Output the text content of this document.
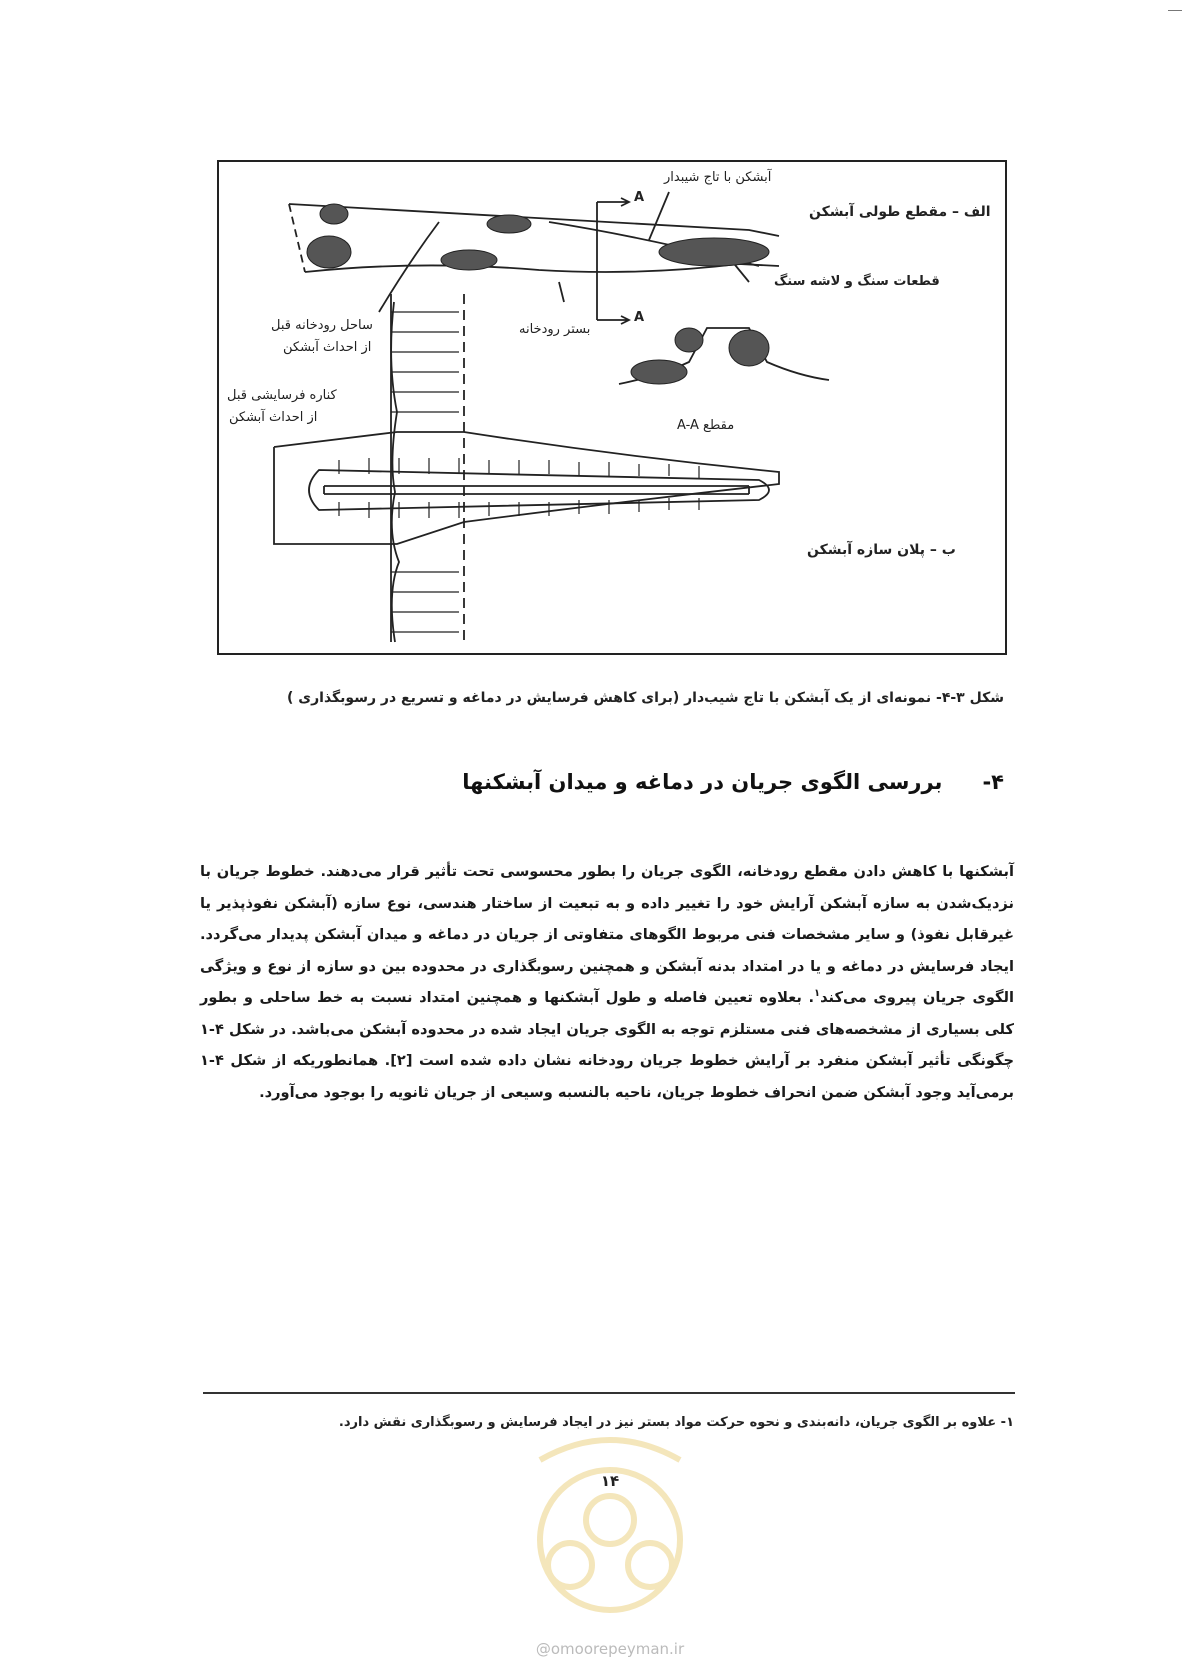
آبشکن با تاج شیبدار
A
الف – مقطع طولی آبشکن
قطعات سنگ و لاشه سنگ
A
بستر رودخانه
ساحل رودخانه قبل
از احداث آبشکن
کناره فرسایشی قبل
از احداث آبشکن
مقطع A-A
ب – پلان سازه آبشکن
شکل ۳-۴- نمونه‌ای از یک آبشکن با تاج شیب‌دار (برای کاهش فرسایش در دماغه و تسریع در رسوبگذاری )
۴-بررسی الگوی جریان در دماغه و میدان آبشکنها
آبشکنها با کاهش دادن مقطع رودخانه، الگوی جریان را بطور محسوسی تحت تأثیر قرار می‌دهند. خطوط جریان با نزدیک‌شدن به سازه آبشکن آرایش خود را تغییر داده و به تبعیت از ساختار هندسی، نوع سازه (آبشکن نفوذپذیر یا غیرقابل نفوذ) و سایر مشخصات فنی مربوط الگوهای متفاوتی از جریان در دماغه و میدان آبشکن پدیدار می‌گردد. ایجاد فرسایش در دماغه و یا در امتداد بدنه آبشکن و همچنین رسوبگذاری در محدوده بین دو سازه از نوع و ویژگی الگوی جریان پیروی می‌کند$^۱$. بعلاوه تعیین فاصله و طول آبشکنها و همچنین امتداد نسبت به خط ساحلی و بطور کلی بسیاری از مشخصه‌های فنی مستلزم توجه به الگوی جریان ایجاد شده در محدوده آبشکن می‌باشد. در شکل ۴-۱ چگونگی تأثیر آبشکن منفرد بر آرایش خطوط جریان رودخانه نشان داده شده است [۲]. همانطوریکه از شکل ۴-۱ برمی‌آید وجود آبشکن ضمن انحراف خطوط جریان، ناحیه بالنسبه وسیعی از جریان ثانویه را بوجود می‌آورد.
۱- علاوه بر الگوی جریان، دانه‌بندی و نحوه حرکت مواد بستر نیز در ایجاد فرسایش و رسوبگذاری نقش دارد.
۱۴
@omoorepeyman.ir
